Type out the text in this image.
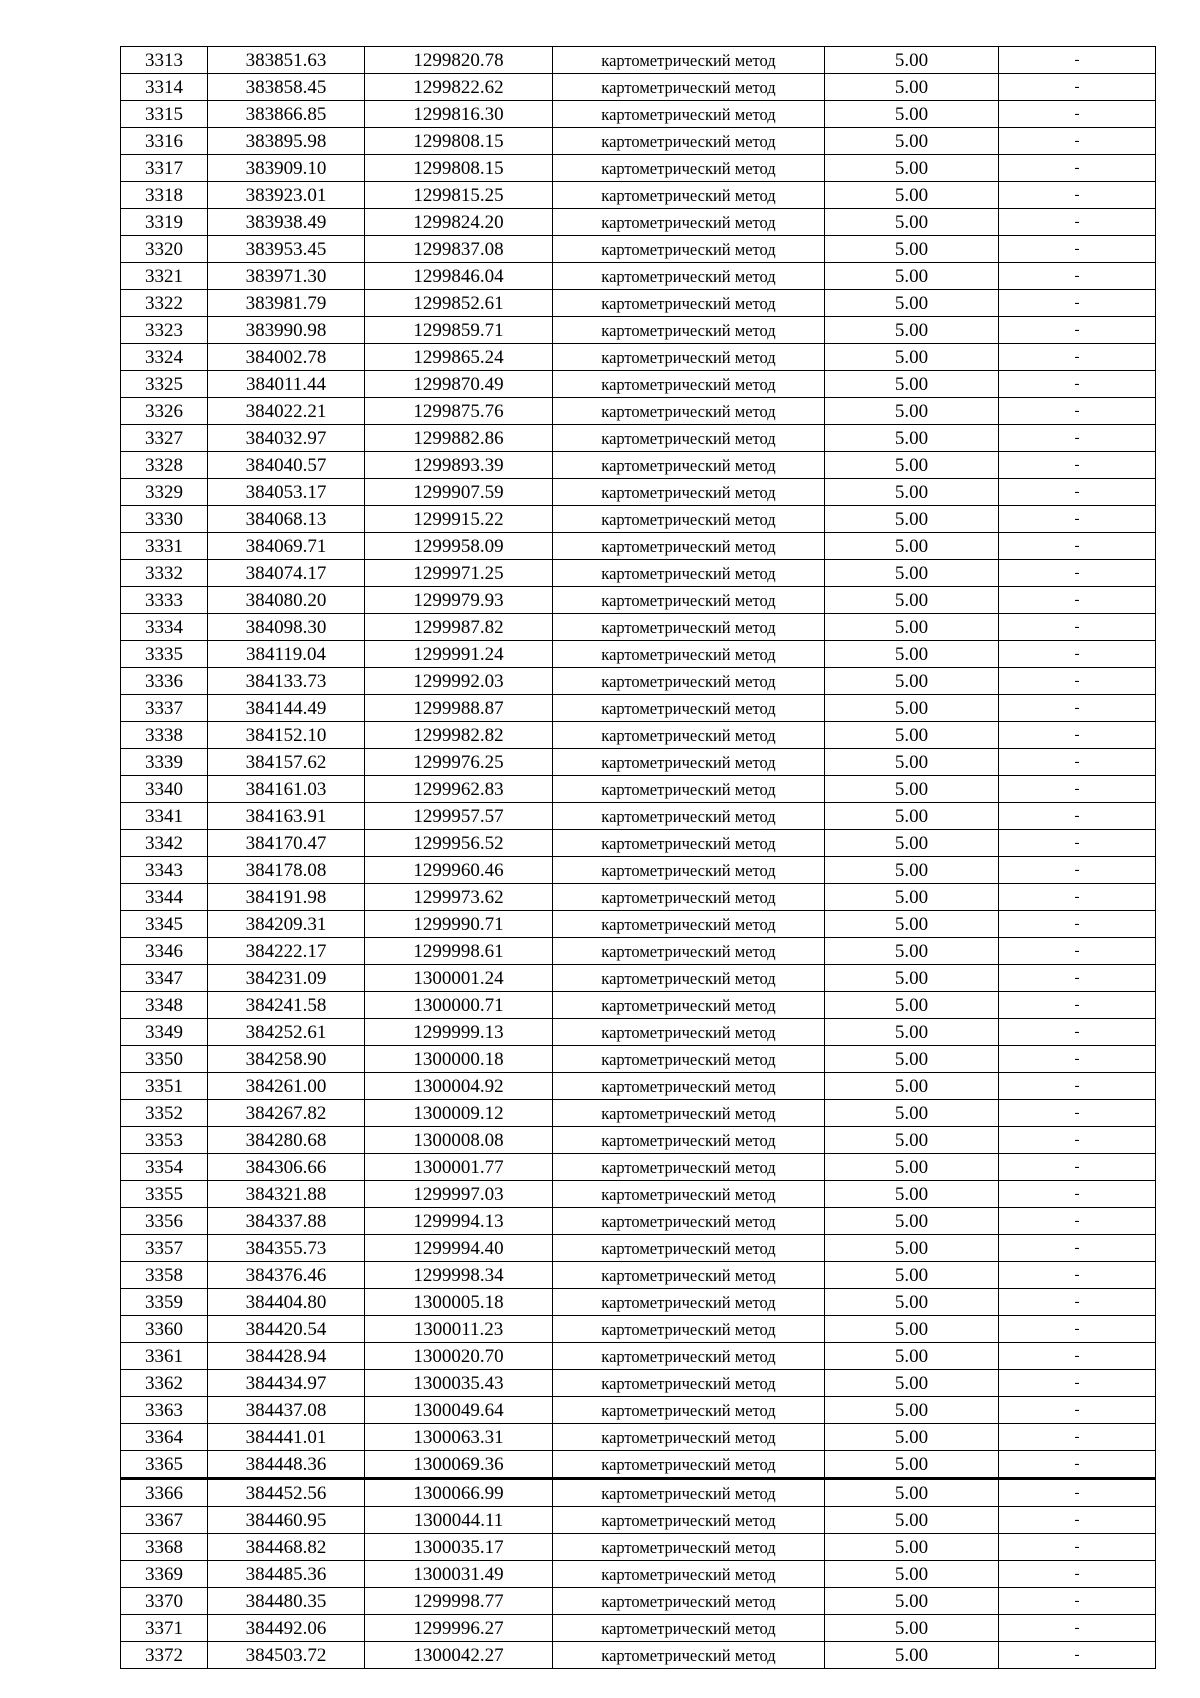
3313	383851.63	1299820.78	картометрический метод	5.00	-
3314	383858.45	1299822.62	картометрический метод	5.00	-
3315	383866.85	1299816.30	картометрический метод	5.00	-
3316	383895.98	1299808.15	картометрический метод	5.00	-
3317	383909.10	1299808.15	картометрический метод	5.00	-
3318	383923.01	1299815.25	картометрический метод	5.00	-
3319	383938.49	1299824.20	картометрический метод	5.00	-
3320	383953.45	1299837.08	картометрический метод	5.00	-
3321	383971.30	1299846.04	картометрический метод	5.00	-
3322	383981.79	1299852.61	картометрический метод	5.00	-
3323	383990.98	1299859.71	картометрический метод	5.00	-
3324	384002.78	1299865.24	картометрический метод	5.00	-
3325	384011.44	1299870.49	картометрический метод	5.00	-
3326	384022.21	1299875.76	картометрический метод	5.00	-
3327	384032.97	1299882.86	картометрический метод	5.00	-
3328	384040.57	1299893.39	картометрический метод	5.00	-
3329	384053.17	1299907.59	картометрический метод	5.00	-
3330	384068.13	1299915.22	картометрический метод	5.00	-
3331	384069.71	1299958.09	картометрический метод	5.00	-
3332	384074.17	1299971.25	картометрический метод	5.00	-
3333	384080.20	1299979.93	картометрический метод	5.00	-
3334	384098.30	1299987.82	картометрический метод	5.00	-
3335	384119.04	1299991.24	картометрический метод	5.00	-
3336	384133.73	1299992.03	картометрический метод	5.00	-
3337	384144.49	1299988.87	картометрический метод	5.00	-
3338	384152.10	1299982.82	картометрический метод	5.00	-
3339	384157.62	1299976.25	картометрический метод	5.00	-
3340	384161.03	1299962.83	картометрический метод	5.00	-
3341	384163.91	1299957.57	картометрический метод	5.00	-
3342	384170.47	1299956.52	картометрический метод	5.00	-
3343	384178.08	1299960.46	картометрический метод	5.00	-
3344	384191.98	1299973.62	картометрический метод	5.00	-
3345	384209.31	1299990.71	картометрический метод	5.00	-
3346	384222.17	1299998.61	картометрический метод	5.00	-
3347	384231.09	1300001.24	картометрический метод	5.00	-
3348	384241.58	1300000.71	картометрический метод	5.00	-
3349	384252.61	1299999.13	картометрический метод	5.00	-
3350	384258.90	1300000.18	картометрический метод	5.00	-
3351	384261.00	1300004.92	картометрический метод	5.00	-
3352	384267.82	1300009.12	картометрический метод	5.00	-
3353	384280.68	1300008.08	картометрический метод	5.00	-
3354	384306.66	1300001.77	картометрический метод	5.00	-
3355	384321.88	1299997.03	картометрический метод	5.00	-
3356	384337.88	1299994.13	картометрический метод	5.00	-
3357	384355.73	1299994.40	картометрический метод	5.00	-
3358	384376.46	1299998.34	картометрический метод	5.00	-
3359	384404.80	1300005.18	картометрический метод	5.00	-
3360	384420.54	1300011.23	картометрический метод	5.00	-
3361	384428.94	1300020.70	картометрический метод	5.00	-
3362	384434.97	1300035.43	картометрический метод	5.00	-
3363	384437.08	1300049.64	картометрический метод	5.00	-
3364	384441.01	1300063.31	картометрический метод	5.00	-
3365	384448.36	1300069.36	картометрический метод	5.00	-
3366	384452.56	1300066.99	картометрический метод	5.00	-
3367	384460.95	1300044.11	картометрический метод	5.00	-
3368	384468.82	1300035.17	картометрический метод	5.00	-
3369	384485.36	1300031.49	картометрический метод	5.00	-
3370	384480.35	1299998.77	картометрический метод	5.00	-
3371	384492.06	1299996.27	картометрический метод	5.00	-
3372	384503.72	1300042.27	картометрический метод	5.00	-
